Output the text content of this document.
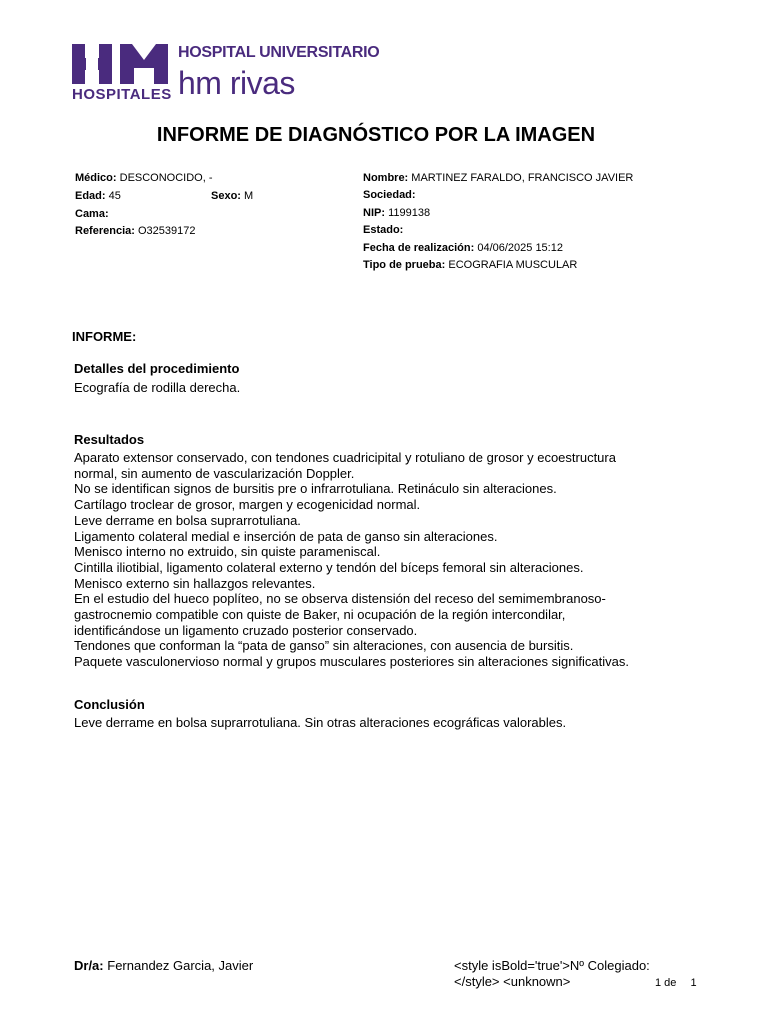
HOSPITALES
HOSPITAL UNIVERSITARIO
hm rivas
INFORME DE DIAGNÓSTICO POR LA IMAGEN
Médico: DESCONOCIDO, -
Edad: 45	Sexo: M
Cama:
Referencia: O32539172
Nombre: MARTINEZ FARALDO, FRANCISCO JAVIER
Sociedad:
NIP: 1199138
Estado:
Fecha de realización: 04/06/2025 15:12
Tipo de prueba: ECOGRAFIA MUSCULAR
INFORME:
Detalles del procedimiento
Ecografía de rodilla derecha.
Resultados
Aparato extensor conservado, con tendones cuadricipital y rotuliano de grosor y ecoestructura
normal, sin aumento de vascularización Doppler.
No se identifican signos de bursitis pre o infrarrotuliana. Retináculo sin alteraciones.
Cartílago troclear de grosor, margen y ecogenicidad normal.
Leve derrame en bolsa suprarrotuliana.
Ligamento colateral medial e inserción de pata de ganso sin alteraciones.
Menisco interno no extruido, sin quiste parameniscal.
Cintilla iliotibial, ligamento colateral externo y tendón del bíceps femoral sin alteraciones.
Menisco externo sin hallazgos relevantes.
En el estudio del hueco poplíteo, no se observa distensión del receso del semimembranoso-
gastrocnemio compatible con quiste de Baker, ni ocupación de la región intercondilar,
identificándose un ligamento cruzado posterior conservado.
Tendones que conforman la “pata de ganso” sin alteraciones, con ausencia de bursitis.
Paquete vasculonervioso normal y grupos musculares posteriores sin alteraciones significativas.
Conclusión
Leve derrame en bolsa suprarrotuliana. Sin otras alteraciones ecográficas valorables.
Dr/a: Fernandez Garcia, Javier	<style isBold='true'>Nº Colegiado:
</style> <unknown>	1 de 1
